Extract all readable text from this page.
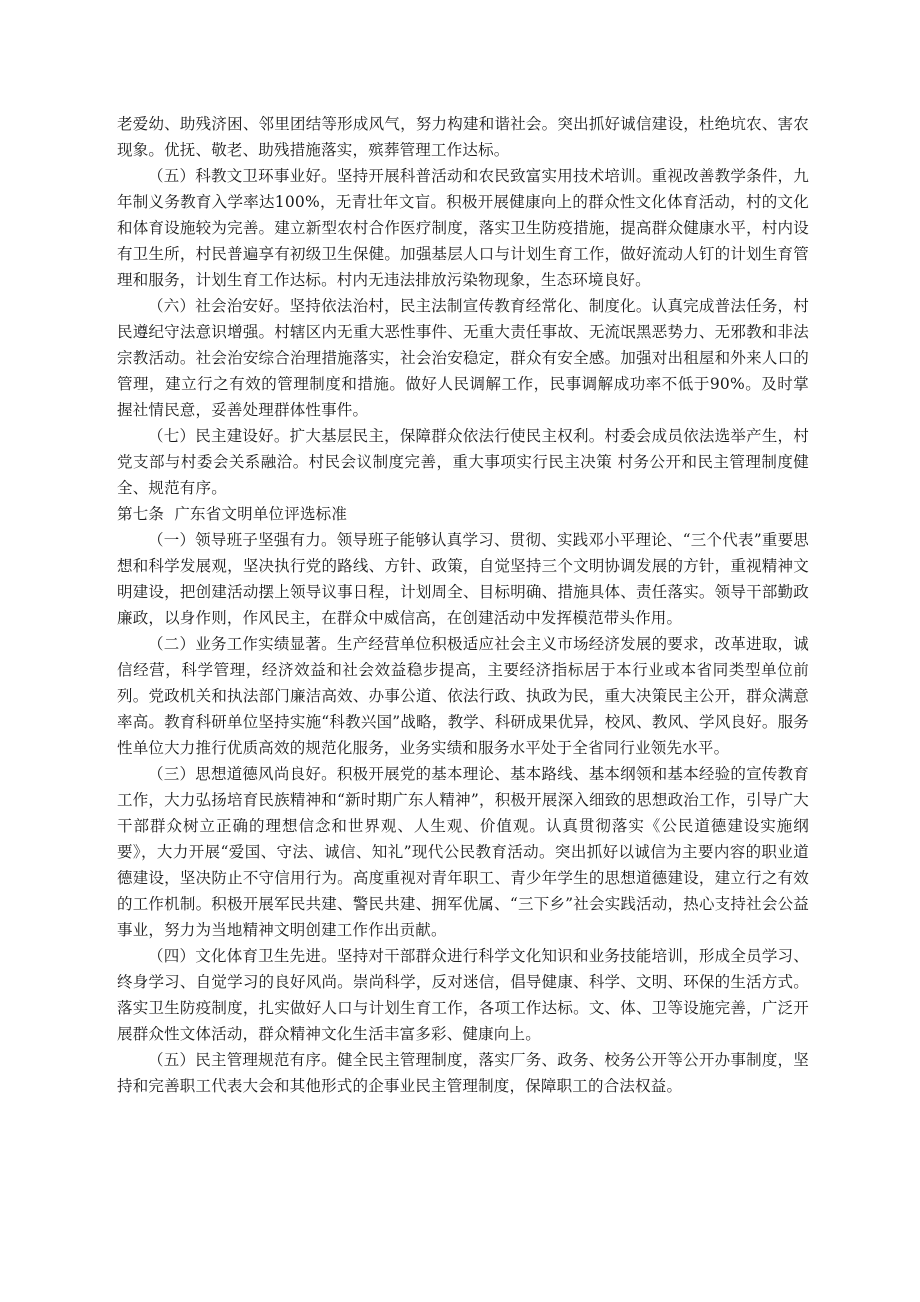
老爱幼、助残济困、邻里团结等形成风气，努力构建和谐社会。突出抓好诚信建设，杜绝坑农、害农现象。优抚、敬老、助残措施落实，殡葬管理工作达标。

（五）科教文卫环事业好。坚持开展科普活动和农民致富实用技术培训。重视改善教学条件，九年制义务教育入学率达100%，无青壮年文盲。积极开展健康向上的群众性文化体育活动，村的文化和体育设施较为完善。建立新型农村合作医疗制度，落实卫生防疫措施，提高群众健康水平，村内设有卫生所，村民普遍享有初级卫生保健。加强基层人口与计划生育工作，做好流动人钉的计划生育管理和服务，计划生育工作达标。村内无违法排放污染物现象，生态环境良好。

（六）社会治安好。坚持依法治村，民主法制宣传教育经常化、制度化。认真完成普法任务，村民遵纪守法意识增强。村辖区内无重大恶性事件、无重大责任事故、无流氓黑恶势力、无邪教和非法宗教活动。社会治安综合治理措施落实，社会治安稳定，群众有安全感。加强对出租屋和外来人口的管理，建立行之有效的管理制度和措施。做好人民调解工作，民事调解成功率不低于90%。及时掌握社情民意，妥善处理群体性事件。

（七）民主建设好。扩大基层民主，保障群众依法行使民主权利。村委会成员依法选举产生，村党支部与村委会关系融洽。村民会议制度完善，重大事项实行民主决策 村务公开和民主管理制度健全、规范有序。

第七条  广东省文明单位评选标准

（一）领导班子坚强有力。领导班子能够认真学习、贯彻、实践邓小平理论、“三个代表”重要思想和科学发展观，坚决执行党的路线、方针、政策，自觉坚持三个文明协调发展的方针，重视精神文明建设，把创建活动摆上领导议事日程，计划周全、目标明确、措施具体、责任落实。领导干部勤政廉政，以身作则，作风民主，在群众中威信高，在创建活动中发挥模范带头作用。

（二）业务工作实绩显著。生产经营单位积极适应社会主义市场经济发展的要求，改革进取，诚信经营，科学管理，经济效益和社会效益稳步提高，主要经济指标居于本行业或本省同类型单位前列。党政机关和执法部门廉洁高效、办事公道、依法行政、执政为民，重大决策民主公开，群众满意率高。教育科研单位坚持实施“科教兴国”战略，教学、科研成果优异，校风、教风、学风良好。服务性单位大力推行优质高效的规范化服务，业务实绩和服务水平处于全省同行业领先水平。

（三）思想道德风尚良好。积极开展党的基本理论、基本路线、基本纲领和基本经验的宣传教育工作，大力弘扬培育民族精神和“新时期广东人精神”，积极开展深入细致的思想政治工作，引导广大干部群众树立正确的理想信念和世界观、人生观、价值观。认真贯彻落实《公民道德建设实施纲要》，大力开展“爱国、守法、诚信、知礼”现代公民教育活动。突出抓好以诚信为主要内容的职业道德建设，坚决防止不守信用行为。高度重视对青年职工、青少年学生的思想道德建设，建立行之有效的工作机制。积极开展军民共建、警民共建、拥军优属、“三下乡”社会实践活动，热心支持社会公益事业，努力为当地精神文明创建工作作出贡献。

（四）文化体育卫生先进。坚持对干部群众进行科学文化知识和业务技能培训，形成全员学习、终身学习、自觉学习的良好风尚。崇尚科学，反对迷信，倡导健康、科学、文明、环保的生活方式。落实卫生防疫制度，扎实做好人口与计划生育工作，各项工作达标。文、体、卫等设施完善，广泛开展群众性文体活动，群众精神文化生活丰富多彩、健康向上。

（五）民主管理规范有序。健全民主管理制度，落实厂务、政务、校务公开等公开办事制度，坚持和完善职工代表大会和其他形式的企事业民主管理制度，保障职工的合法权益。
